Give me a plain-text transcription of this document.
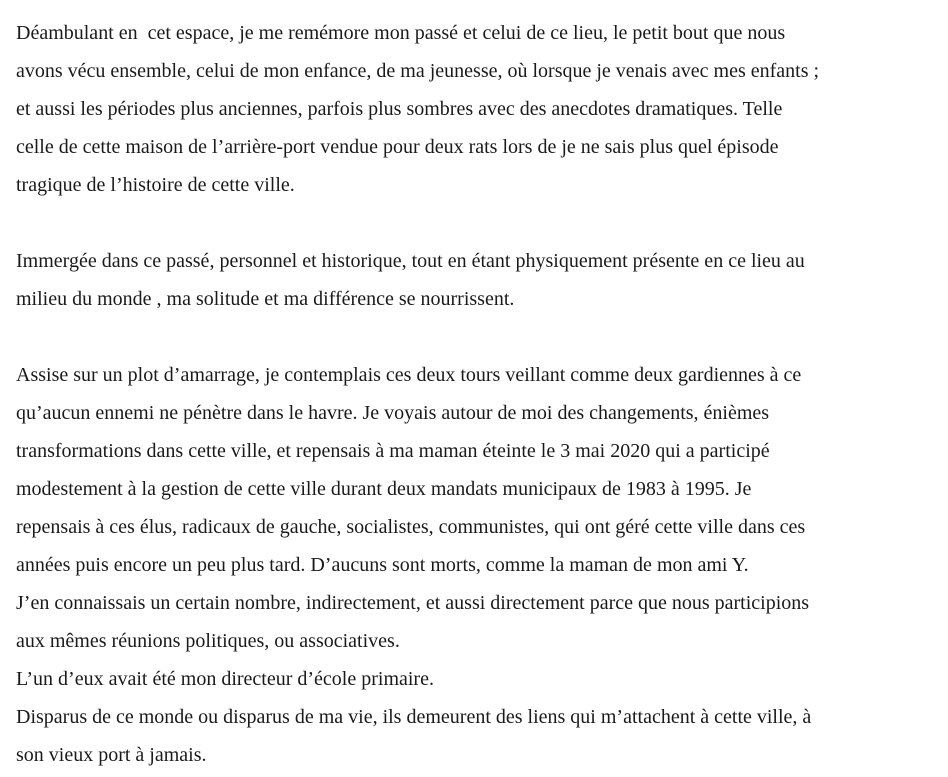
Déambulant en  cet espace, je me remémore mon passé et celui de ce lieu, le petit bout que nous
avons vécu ensemble, celui de mon enfance, de ma jeunesse, où lorsque je venais avec mes enfants ;
et aussi les périodes plus anciennes, parfois plus sombres avec des anecdotes dramatiques. Telle
celle de cette maison de l’arrière-port vendue pour deux rats lors de je ne sais plus quel épisode
tragique de l’histoire de cette ville.
Immergée dans ce passé, personnel et historique, tout en étant physiquement présente en ce lieu au
milieu du monde , ma solitude et ma différence se nourrissent.
Assise sur un plot d’amarrage, je contemplais ces deux tours veillant comme deux gardiennes à ce
qu’aucun ennemi ne pénètre dans le havre. Je voyais autour de moi des changements, énièmes
transformations dans cette ville, et repensais à ma maman éteinte le 3 mai 2020 qui a participé
modestement à la gestion de cette ville durant deux mandats municipaux de 1983 à 1995. Je
repensais à ces élus, radicaux de gauche, socialistes, communistes, qui ont géré cette ville dans ces
années puis encore un peu plus tard. D’aucuns sont morts, comme la maman de mon ami Y.
J’en connaissais un certain nombre, indirectement, et aussi directement parce que nous participions
aux mêmes réunions politiques, ou associatives.
L’un d’eux avait été mon directeur d’école primaire.
Disparus de ce monde ou disparus de ma vie, ils demeurent des liens qui m’attachent à cette ville, à
son vieux port à jamais.
